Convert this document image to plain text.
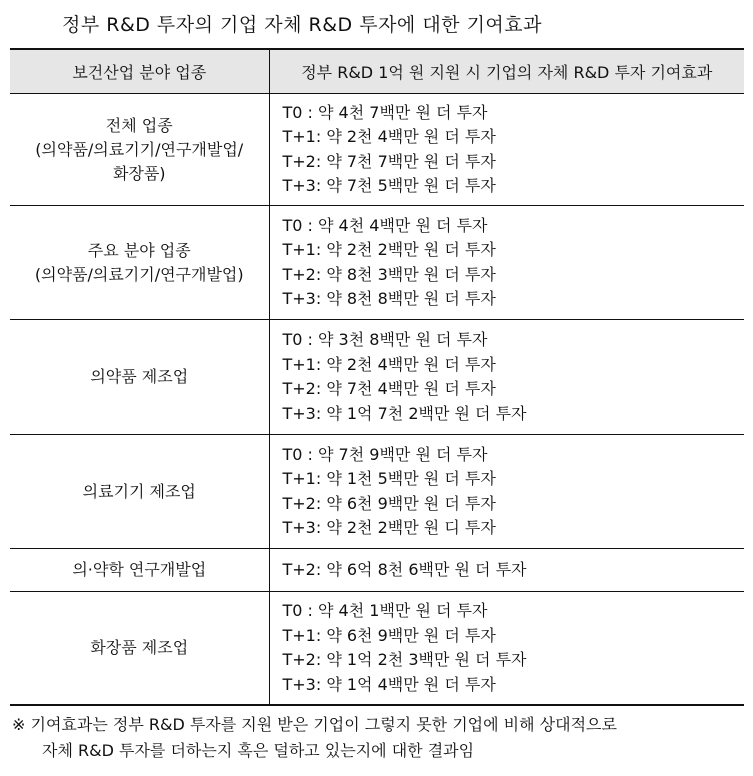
정부 R&D 투자의 기업 자체 R&D 투자에 대한 기여효과
보건산업 분야 업종	정부 R&D 1억 원 지원 시 기업의 자체 R&D 투자 기여효과

전체 업종
(의약품/의료기기/연구개발업/
화장품)	T0 : 약 4천 7백만 원 더 투자
T+1: 약 2천 4백만 원 더 투자
T+2: 약 7천 7백만 원 더 투자
T+3: 약 7천 5백만 원 더 투자

주요 분야 업종
(의약품/의료기기/연구개발업)	T0 : 약 4천 4백만 원 더 투자
T+1: 약 2천 2백만 원 더 투자
T+2: 약 8천 3백만 원 더 투자
T+3: 약 8천 8백만 원 더 투자

의약품 제조업	T0 : 약 3천 8백만 원 더 투자
T+1: 약 2천 4백만 원 더 투자
T+2: 약 7천 4백만 원 더 투자
T+3: 약 1억 7천 2백만 원 더 투자

의료기기 제조업	T0 : 약 7천 9백만 원 더 투자
T+1: 약 1천 5백만 원 더 투자
T+2: 약 6천 9백만 원 더 투자
T+3: 약 2천 2백만 원 디 투자

의·약학 연구개발업	T+2: 약 6억 8천 6백만 원 더 투자

화장품 제조업	T0 : 약 4천 1백만 원 더 투자
T+1: 약 6천 9백만 원 더 투자
T+2: 약 1억 2천 3백만 원 더 투자
T+3: 약 1억 4백만 원 더 투자
※ 기여효과는 정부 R&D 투자를 지원 받은 기업이 그렇지 못한 기업에 비해 상대적으로
자체 R&D 투자를 더하는지 혹은 덜하고 있는지에 대한 결과임
